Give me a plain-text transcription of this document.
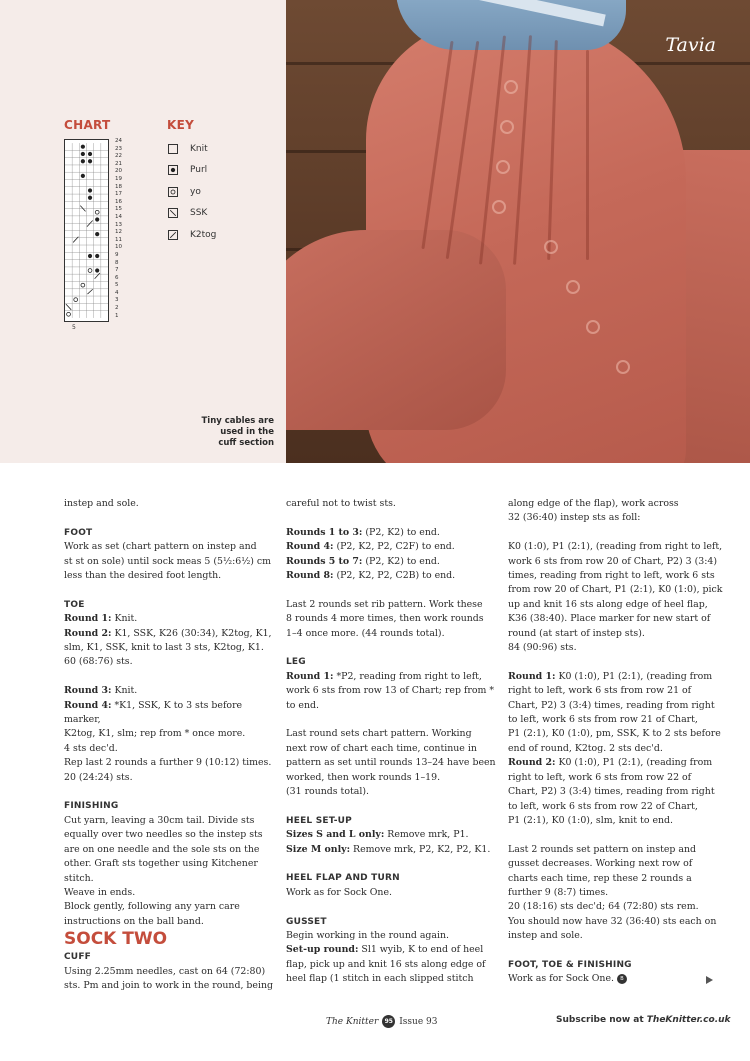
Tavia
Tiny cables are
used in the
cuff section
CHART	KEY
24
23
22
21
20
19
18
17
16
15
14
13
12
11
10
9
8
7
6
5
4
3
2
1
5
Knit
Purl
yo
SSK
K2tog

instep and sole.

FOOT

Work as set (chart pattern on instep and

st st on sole) until sock meas 5 (5½:6½) cm

less than the desired foot length.

TOE

Round 1: Knit.

Round 2: K1, SSK, K26 (30:34), K2tog, K1,

slm, K1, SSK, knit to last 3 sts, K2tog, K1.

60 (68:76) sts.

Round 3: Knit.

Round 4: *K1, SSK, K to 3 sts before marker,

K2tog, K1, slm; rep from * once more.

4 sts dec'd.

Rep last 2 rounds a further 9 (10:12) times.

20 (24:24) sts.

FINISHING

Cut yarn, leaving a 30cm tail. Divide sts

equally over two needles so the instep sts

are on one needle and the sole sts on the

other. Graft sts together using Kitchener

stitch.

Weave in ends.

Block gently, following any yarn care

instructions on the ball band.

SOCK TWO

CUFF

Using 2.25mm needles, cast on 64 (72:80)

sts. Pm and join to work in the round, being

careful not to twist sts.

Rounds 1 to 3: (P2, K2) to end.

Round 4: (P2, K2, P2, C2F) to end.

Rounds 5 to 7: (P2, K2) to end.

Round 8: (P2, K2, P2, C2B) to end.

Last 2 rounds set rib pattern. Work these

8 rounds 4 more times, then work rounds

1–4 once more. (44 rounds total).

LEG

Round 1: *P2, reading from right to left,

work 6 sts from row 13 of Chart; rep from *

to end.

Last round sets chart pattern. Working

next row of chart each time, continue in

pattern as set until rounds 13–24 have been

worked, then work rounds 1–19.

(31 rounds total).

HEEL SET-UP

Sizes S and L only: Remove mrk, P1.

Size M only: Remove mrk, P2, K2, P2, K1.

HEEL FLAP AND TURN

Work as for Sock One.

GUSSET

Begin working in the round again.

Set-up round: Sl1 wyib, K to end of heel

flap, pick up and knit 16 sts along edge of

heel flap (1 stitch in each slipped stitch

along edge of the flap), work across

32 (36:40) instep sts as foll:

K0 (1:0), P1 (2:1), (reading from right to left,

work 6 sts from row 20 of Chart, P2) 3 (3:4)

times, reading from right to left, work 6 sts

from row 20 of Chart, P1 (2:1), K0 (1:0), pick

up and knit 16 sts along edge of heel flap,

K36 (38:40). Place marker for new start of

round (at start of instep sts).

84 (90:96) sts.

Round 1: K0 (1:0), P1 (2:1), (reading from

right to left, work 6 sts from row 21 of

Chart, P2) 3 (3:4) times, reading from right

to left, work 6 sts from row 21 of Chart,

P1 (2:1), K0 (1:0), pm, SSK, K to 2 sts before

end of round, K2tog. 2 sts dec'd.

Round 2: K0 (1:0), P1 (2:1), (reading from

right to left, work 6 sts from row 22 of

Chart, P2) 3 (3:4) times, reading from right

to left, work 6 sts from row 22 of Chart,

P1 (2:1), K0 (1:0), slm, knit to end.

Last 2 rounds set pattern on instep and

gusset decreases. Working next row of

charts each time, rep these 2 rounds a

further 9 (8:7) times.

20 (18:16) sts dec'd; 64 (72:80) sts rem.

You should now have 32 (36:40) sts each on

instep and sole.

FOOT, TOE & FINISHING

Work as for Sock One. B

The Knitter	95 Issue 93	Subscribe now at TheKnitter.co.uk
